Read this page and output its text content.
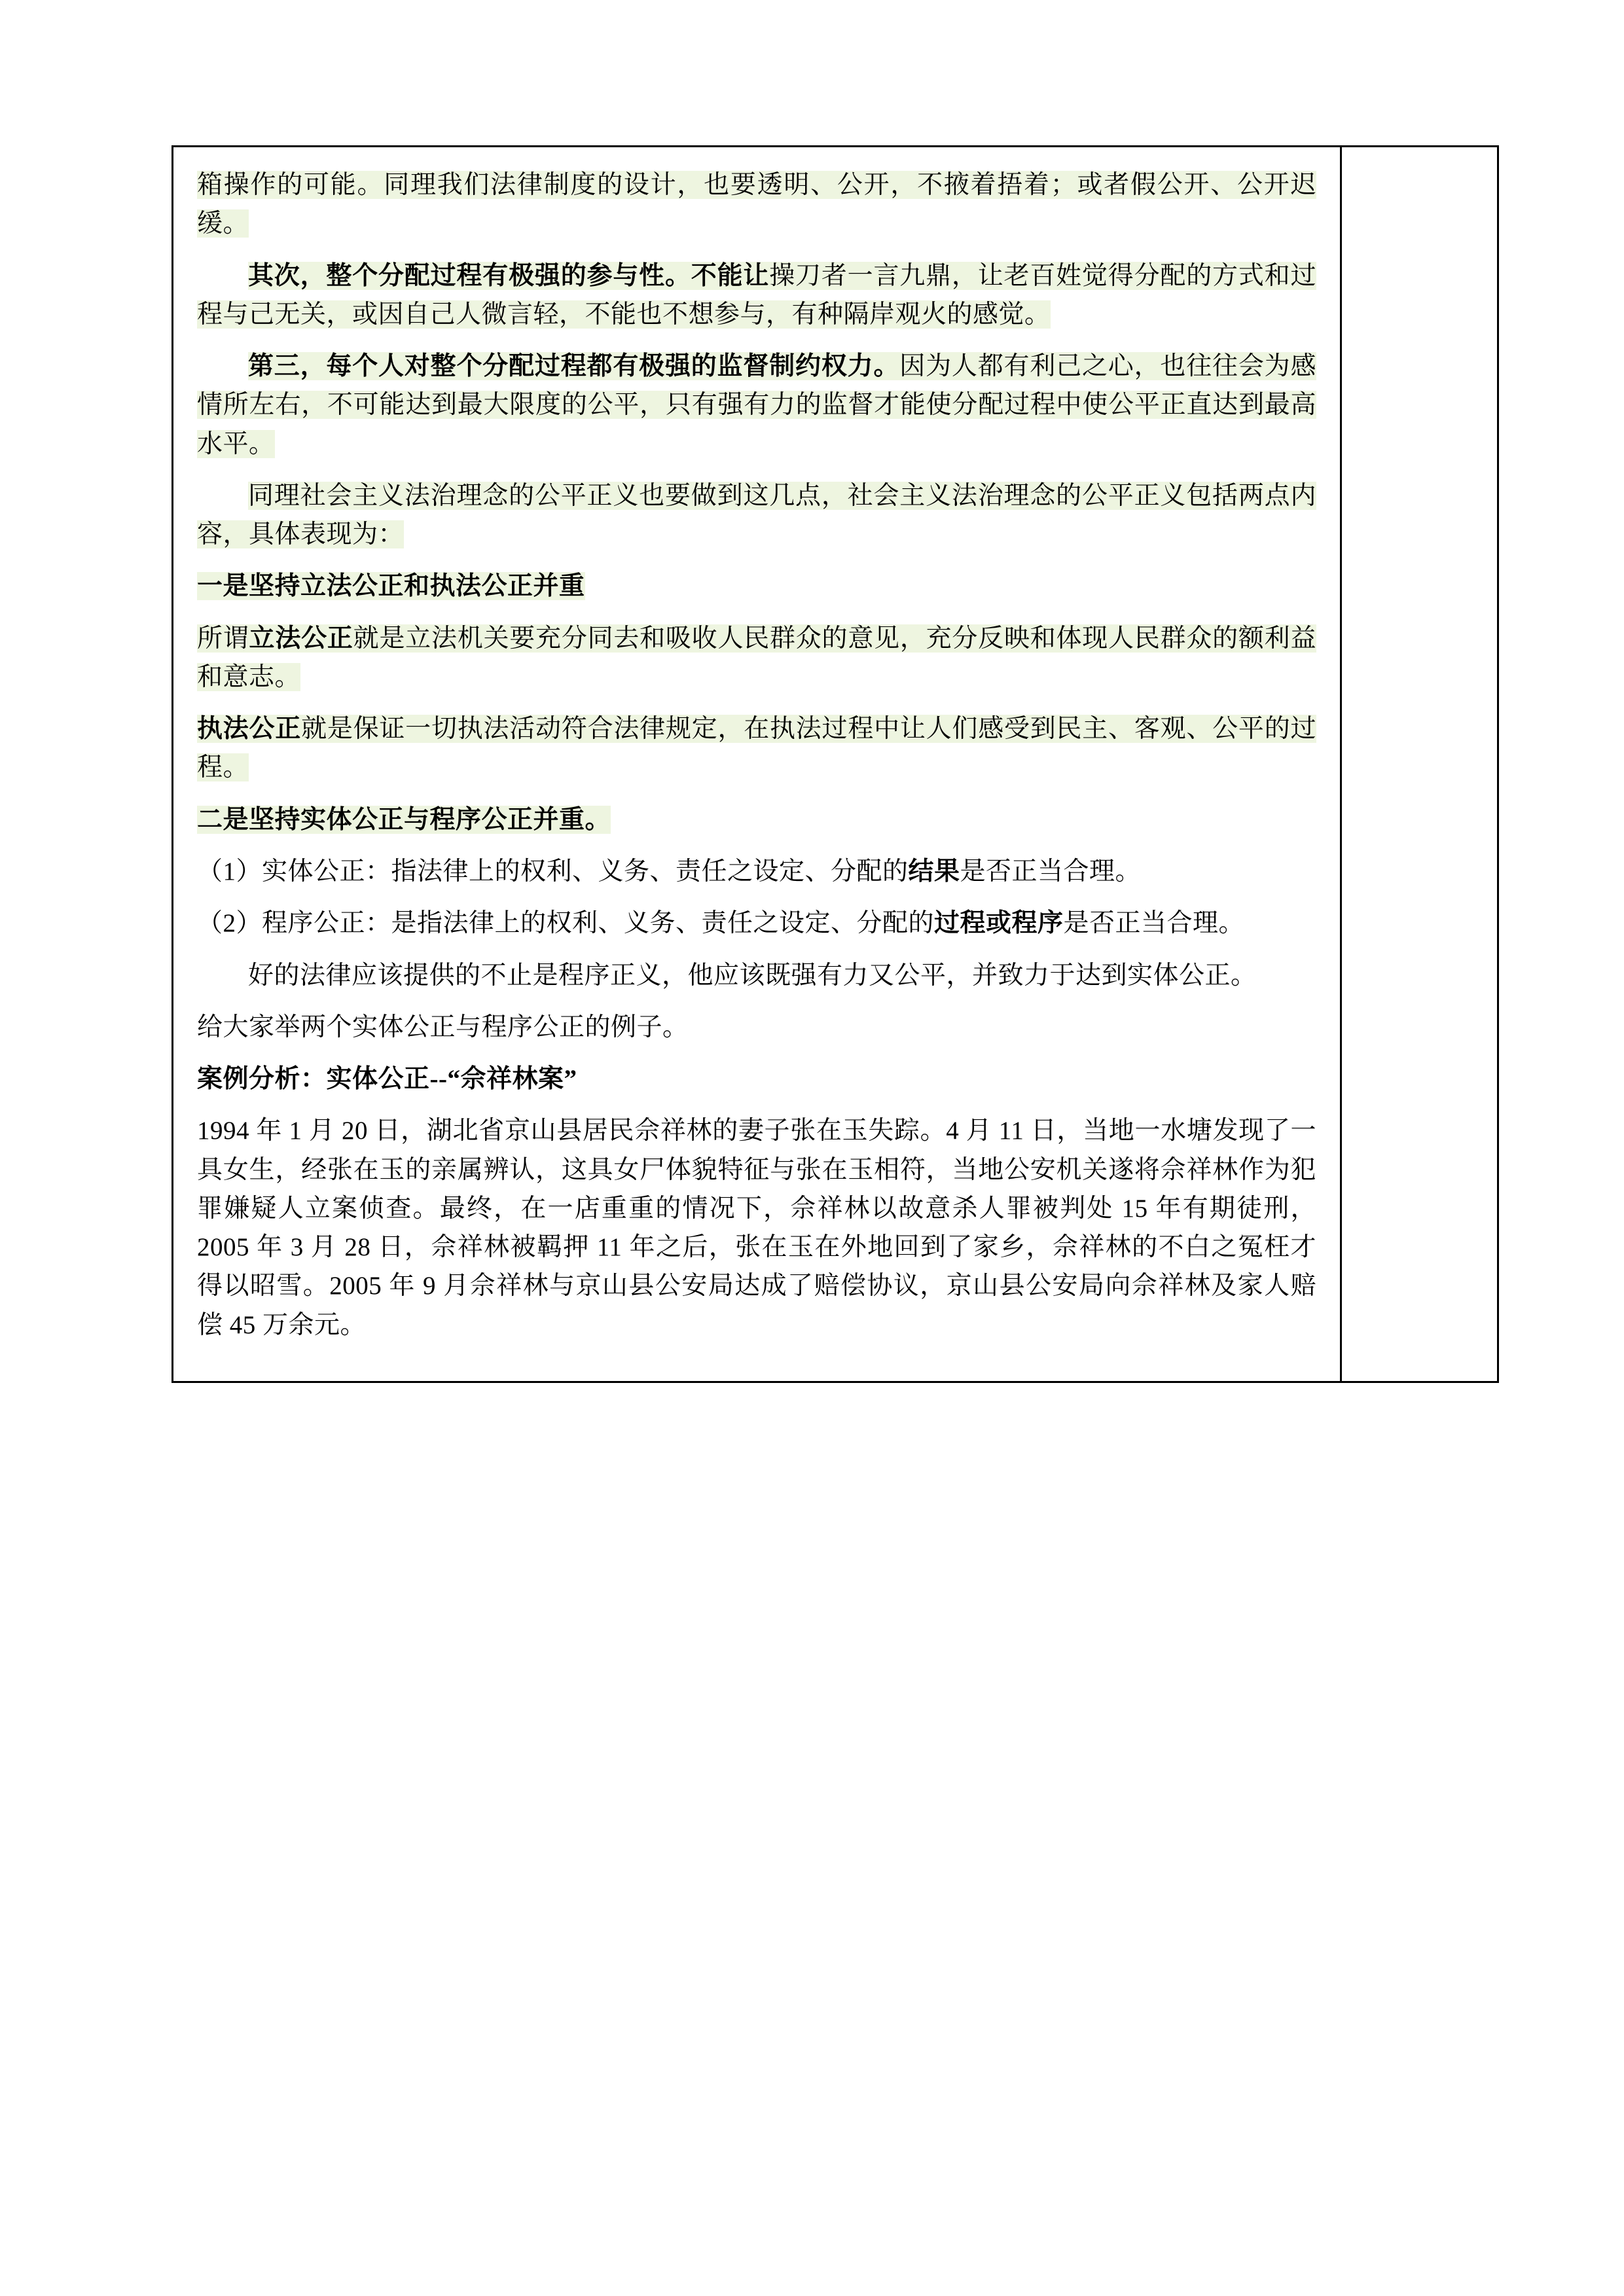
箱操作的可能。同理我们法律制度的设计，也要透明、公开，不掖着捂着；或者假公开、公开迟缓。

其次，整个分配过程有极强的参与性。不能让操刀者一言九鼎，让老百姓觉得分配的方式和过程与己无关，或因自己人微言轻，不能也不想参与，有种隔岸观火的感觉。

第三，每个人对整个分配过程都有极强的监督制约权力。因为人都有利己之心，也往往会为感情所左右，不可能达到最大限度的公平，只有强有力的监督才能使分配过程中使公平正直达到最高水平。

同理社会主义法治理念的公平正义也要做到这几点，社会主义法治理念的公平正义包括两点内容，具体表现为：

一是坚持立法公正和执法公正并重

所谓立法公正就是立法机关要充分同去和吸收人民群众的意见，充分反映和体现人民群众的额利益和意志。

执法公正就是保证一切执法活动符合法律规定，在执法过程中让人们感受到民主、客观、公平的过程。

二是坚持实体公正与程序公正并重。

（1）实体公正：指法律上的权利、义务、责任之设定、分配的结果是否正当合理。

（2）程序公正：是指法律上的权利、义务、责任之设定、分配的过程或程序是否正当合理。

好的法律应该提供的不止是程序正义，他应该既强有力又公平，并致力于达到实体公正。

给大家举两个实体公正与程序公正的例子。

案例分析：实体公正--“佘祥林案”

1994 年 1 月 20 日，湖北省京山县居民佘祥林的妻子张在玉失踪。4 月 11 日，当地一水塘发现了一具女生，经张在玉的亲属辨认，这具女尸体貌特征与张在玉相符，当地公安机关遂将佘祥林作为犯罪嫌疑人立案侦查。最终，在一店重重的情况下，佘祥林以故意杀人罪被判处 15 年有期徒刑，2005 年 3 月 28 日，佘祥林被羁押 11 年之后，张在玉在外地回到了家乡，佘祥林的不白之冤枉才得以昭雪。2005 年 9 月佘祥林与京山县公安局达成了赔偿协议，京山县公安局向佘祥林及家人赔偿 45 万余元。
